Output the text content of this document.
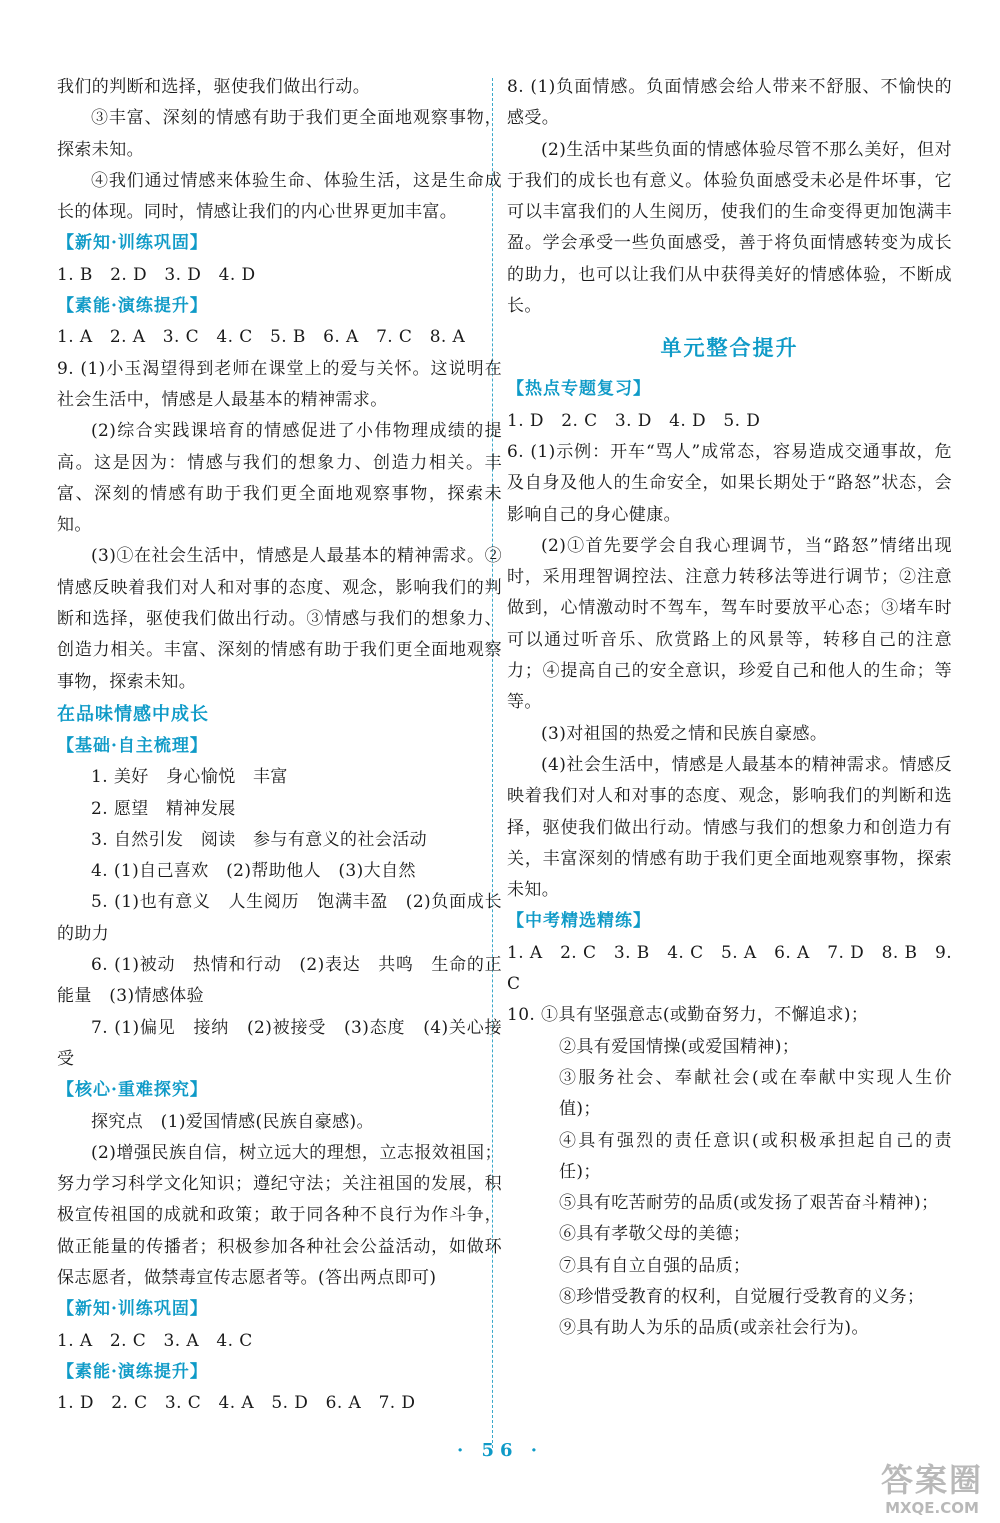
我们的判断和选择，驱使我们做出行动。

③丰富、深刻的情感有助于我们更全面地观察事物，探索未知。

④我们通过情感来体验生命、体验生活，这是生命成长的体现。同时，情感让我们的内心世界更加丰富。

【新知·训练巩固】

1. B　2. D　3. D　4. D

【素能·演练提升】

1. A　2. A　3. C　4. C　5. B　6. A　7. C　8. A

9. (1)小玉渴望得到老师在课堂上的爱与关怀。这说明在社会生活中，情感是人最基本的精神需求。

(2)综合实践课培育的情感促进了小伟物理成绩的提高。这是因为：情感与我们的想象力、创造力相关。丰富、深刻的情感有助于我们更全面地观察事物，探索未知。

(3)①在社会生活中，情感是人最基本的精神需求。②情感反映着我们对人和对事的态度、观念，影响我们的判断和选择，驱使我们做出行动。③情感与我们的想象力、创造力相关。丰富、深刻的情感有助于我们更全面地观察事物，探索未知。

在品味情感中成长

【基础·自主梳理】

1. 美好　身心愉悦　丰富

2. 愿望　精神发展

3. 自然引发　阅读　参与有意义的社会活动

4. (1)自己喜欢　(2)帮助他人　(3)大自然

5. (1)也有意义　人生阅历　饱满丰盈　(2)负面成长的助力

6. (1)被动　热情和行动　(2)表达　共鸣　生命的正能量　(3)情感体验

7. (1)偏见　接纳　(2)被接受　(3)态度　(4)关心接受

【核心·重难探究】

探究点　(1)爱国情感(民族自豪感)。

(2)增强民族自信，树立远大的理想，立志报效祖国；努力学习科学文化知识；遵纪守法；关注祖国的发展，积极宣传祖国的成就和政策；敢于同各种不良行为作斗争，做正能量的传播者；积极参加各种社会公益活动，如做环保志愿者，做禁毒宣传志愿者等。(答出两点即可)

【新知·训练巩固】

1. A　2. C　3. A　4. C

【素能·演练提升】

1. D　2. C　3. C　4. A　5. D　6. A　7. D

8. (1)负面情感。负面情感会给人带来不舒服、不愉快的感受。

(2)生活中某些负面的情感体验尽管不那么美好，但对于我们的成长也有意义。体验负面感受未必是件坏事，它可以丰富我们的人生阅历，使我们的生命变得更加饱满丰盈。学会承受一些负面感受，善于将负面情感转变为成长的助力，也可以让我们从中获得美好的情感体验，不断成长。

单元整合提升

【热点专题复习】

1. D　2. C　3. D　4. D　5. D

6. (1)示例：开车“骂人”成常态，容易造成交通事故，危及自身及他人的生命安全，如果长期处于“路怒”状态，会影响自己的身心健康。

(2)①首先要学会自我心理调节，当“路怒”情绪出现时，采用理智调控法、注意力转移法等进行调节；②注意做到，心情激动时不驾车，驾车时要放平心态；③堵车时可以通过听音乐、欣赏路上的风景等，转移自己的注意力；④提高自己的安全意识，珍爱自己和他人的生命；等等。

(3)对祖国的热爱之情和民族自豪感。

(4)社会生活中，情感是人最基本的精神需求。情感反映着我们对人和对事的态度、观念，影响我们的判断和选择，驱使我们做出行动。情感与我们的想象力和创造力有关，丰富深刻的情感有助于我们更全面地观察事物，探索未知。

【中考精选精练】

1. A　2. C　3. B　4. C　5. A　6. A　7. D　8. B　9. C

10. ①具有坚强意志(或勤奋努力，不懈追求)；

②具有爱国情操(或爱国精神)；

③服务社会、奉献社会(或在奉献中实现人生价值)；

④具有强烈的责任意识(或积极承担起自己的责任)；

⑤具有吃苦耐劳的品质(或发扬了艰苦奋斗精神)；

⑥具有孝敬父母的美德；

⑦具有自立自强的品质；

⑧珍惜受教育的权利，自觉履行受教育的义务；

⑨具有助人为乐的品质(或亲社会行为)。

· 56 ·
答案圈
MXQE.COM
